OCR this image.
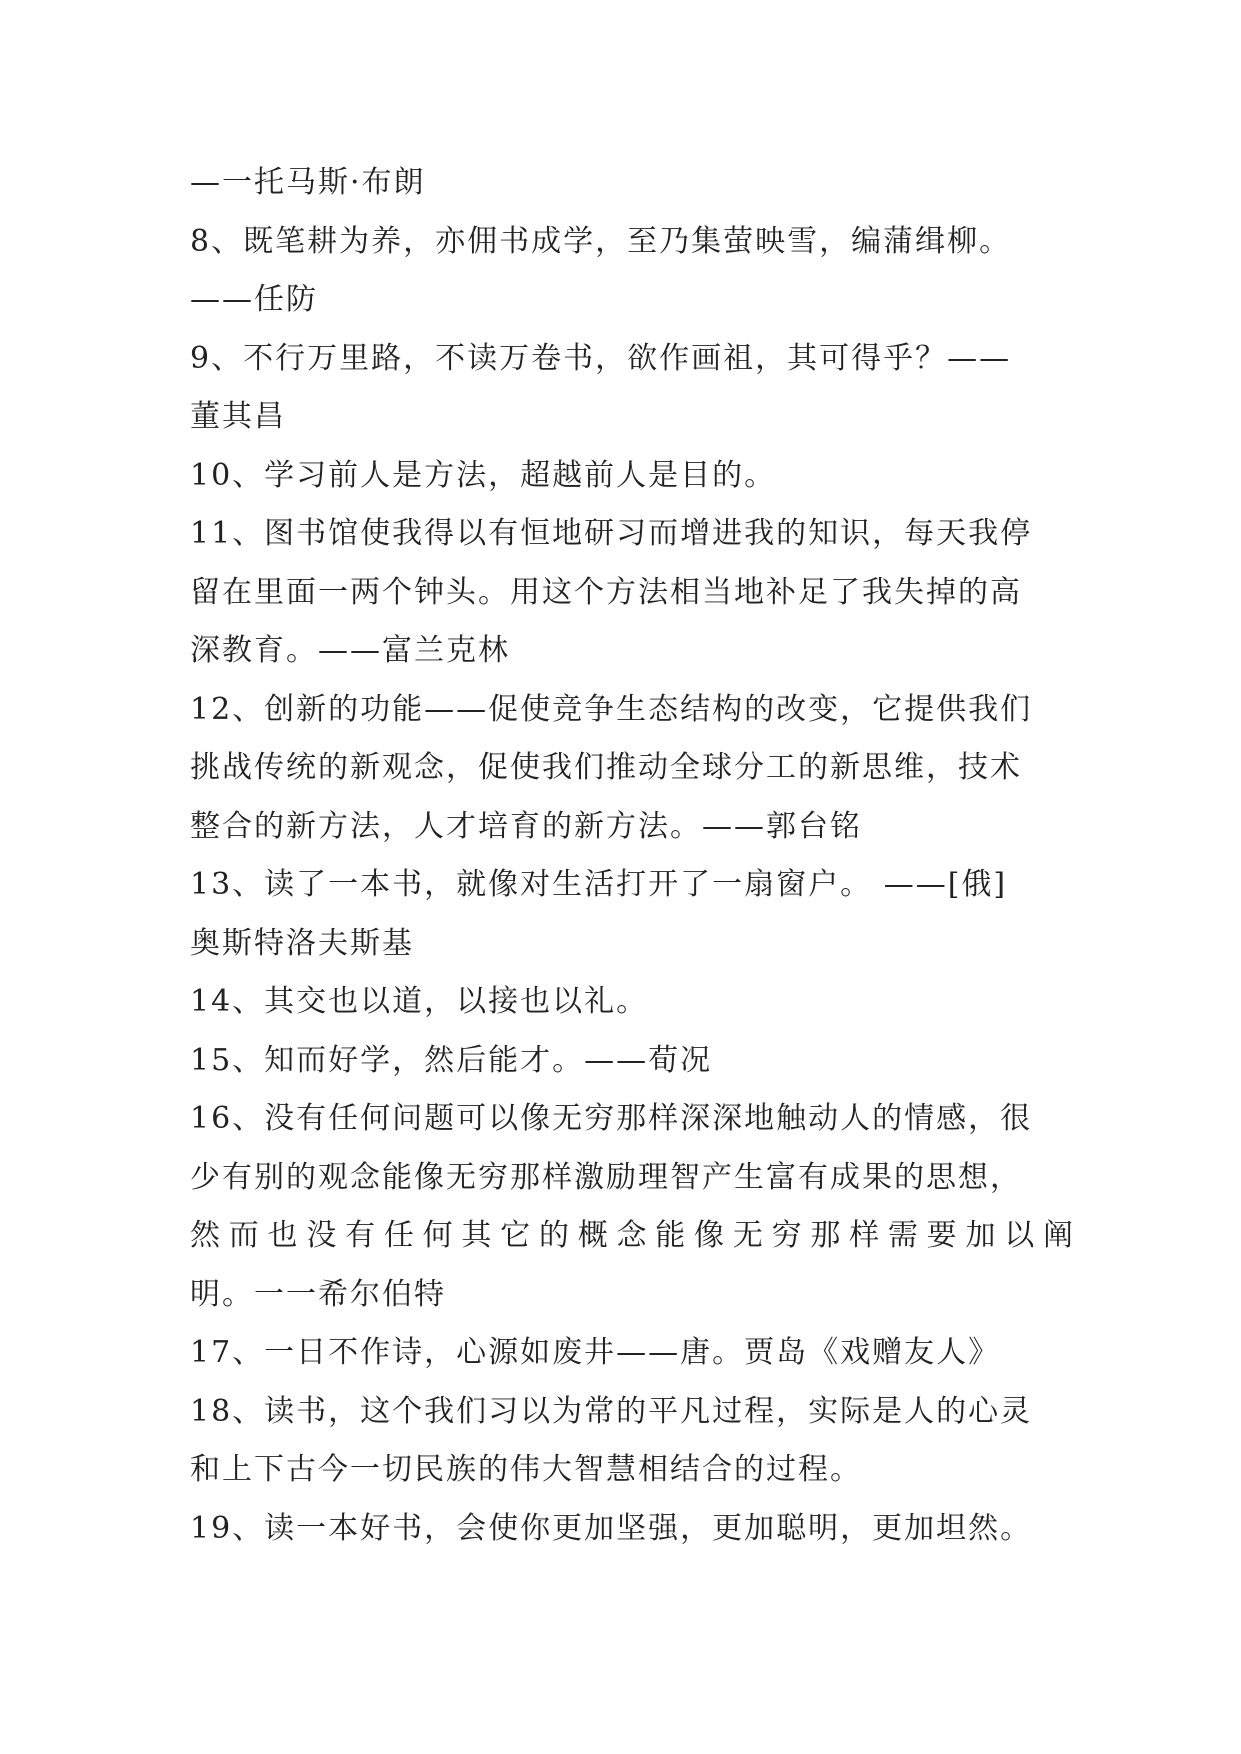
—一托马斯·布朗
8、既笔耕为养，亦佣书成学，至乃集萤映雪，编蒲缉柳。
——任防
9、不行万里路，不读万卷书，欲作画祖，其可得乎？——
董其昌
10、学习前人是方法，超越前人是目的。
11、图书馆使我得以有恒地研习而增进我的知识，每天我停
留在里面一两个钟头。用这个方法相当地补足了我失掉的高
深教育。——富兰克林
12、创新的功能——促使竞争生态结构的改变，它提供我们
挑战传统的新观念，促使我们推动全球分工的新思维，技术
整合的新方法，人才培育的新方法。——郭台铭
13、读了一本书，就像对生活打开了一扇窗户。 ——[俄]
奥斯特洛夫斯基
14、其交也以道，以接也以礼。
15、知而好学，然后能才。——荀况
16、没有任何问题可以像无穷那样深深地触动人的情感，很
少有别的观念能像无穷那样激励理智产生富有成果的思想，
然而也没有任何其它的概念能像无穷那样需要加以阐
明。一一希尔伯特
17、一日不作诗，心源如废井——唐。贾岛《戏赠友人》
18、读书，这个我们习以为常的平凡过程，实际是人的心灵
和上下古今一切民族的伟大智慧相结合的过程。
19、读一本好书，会使你更加坚强，更加聪明，更加坦然。
